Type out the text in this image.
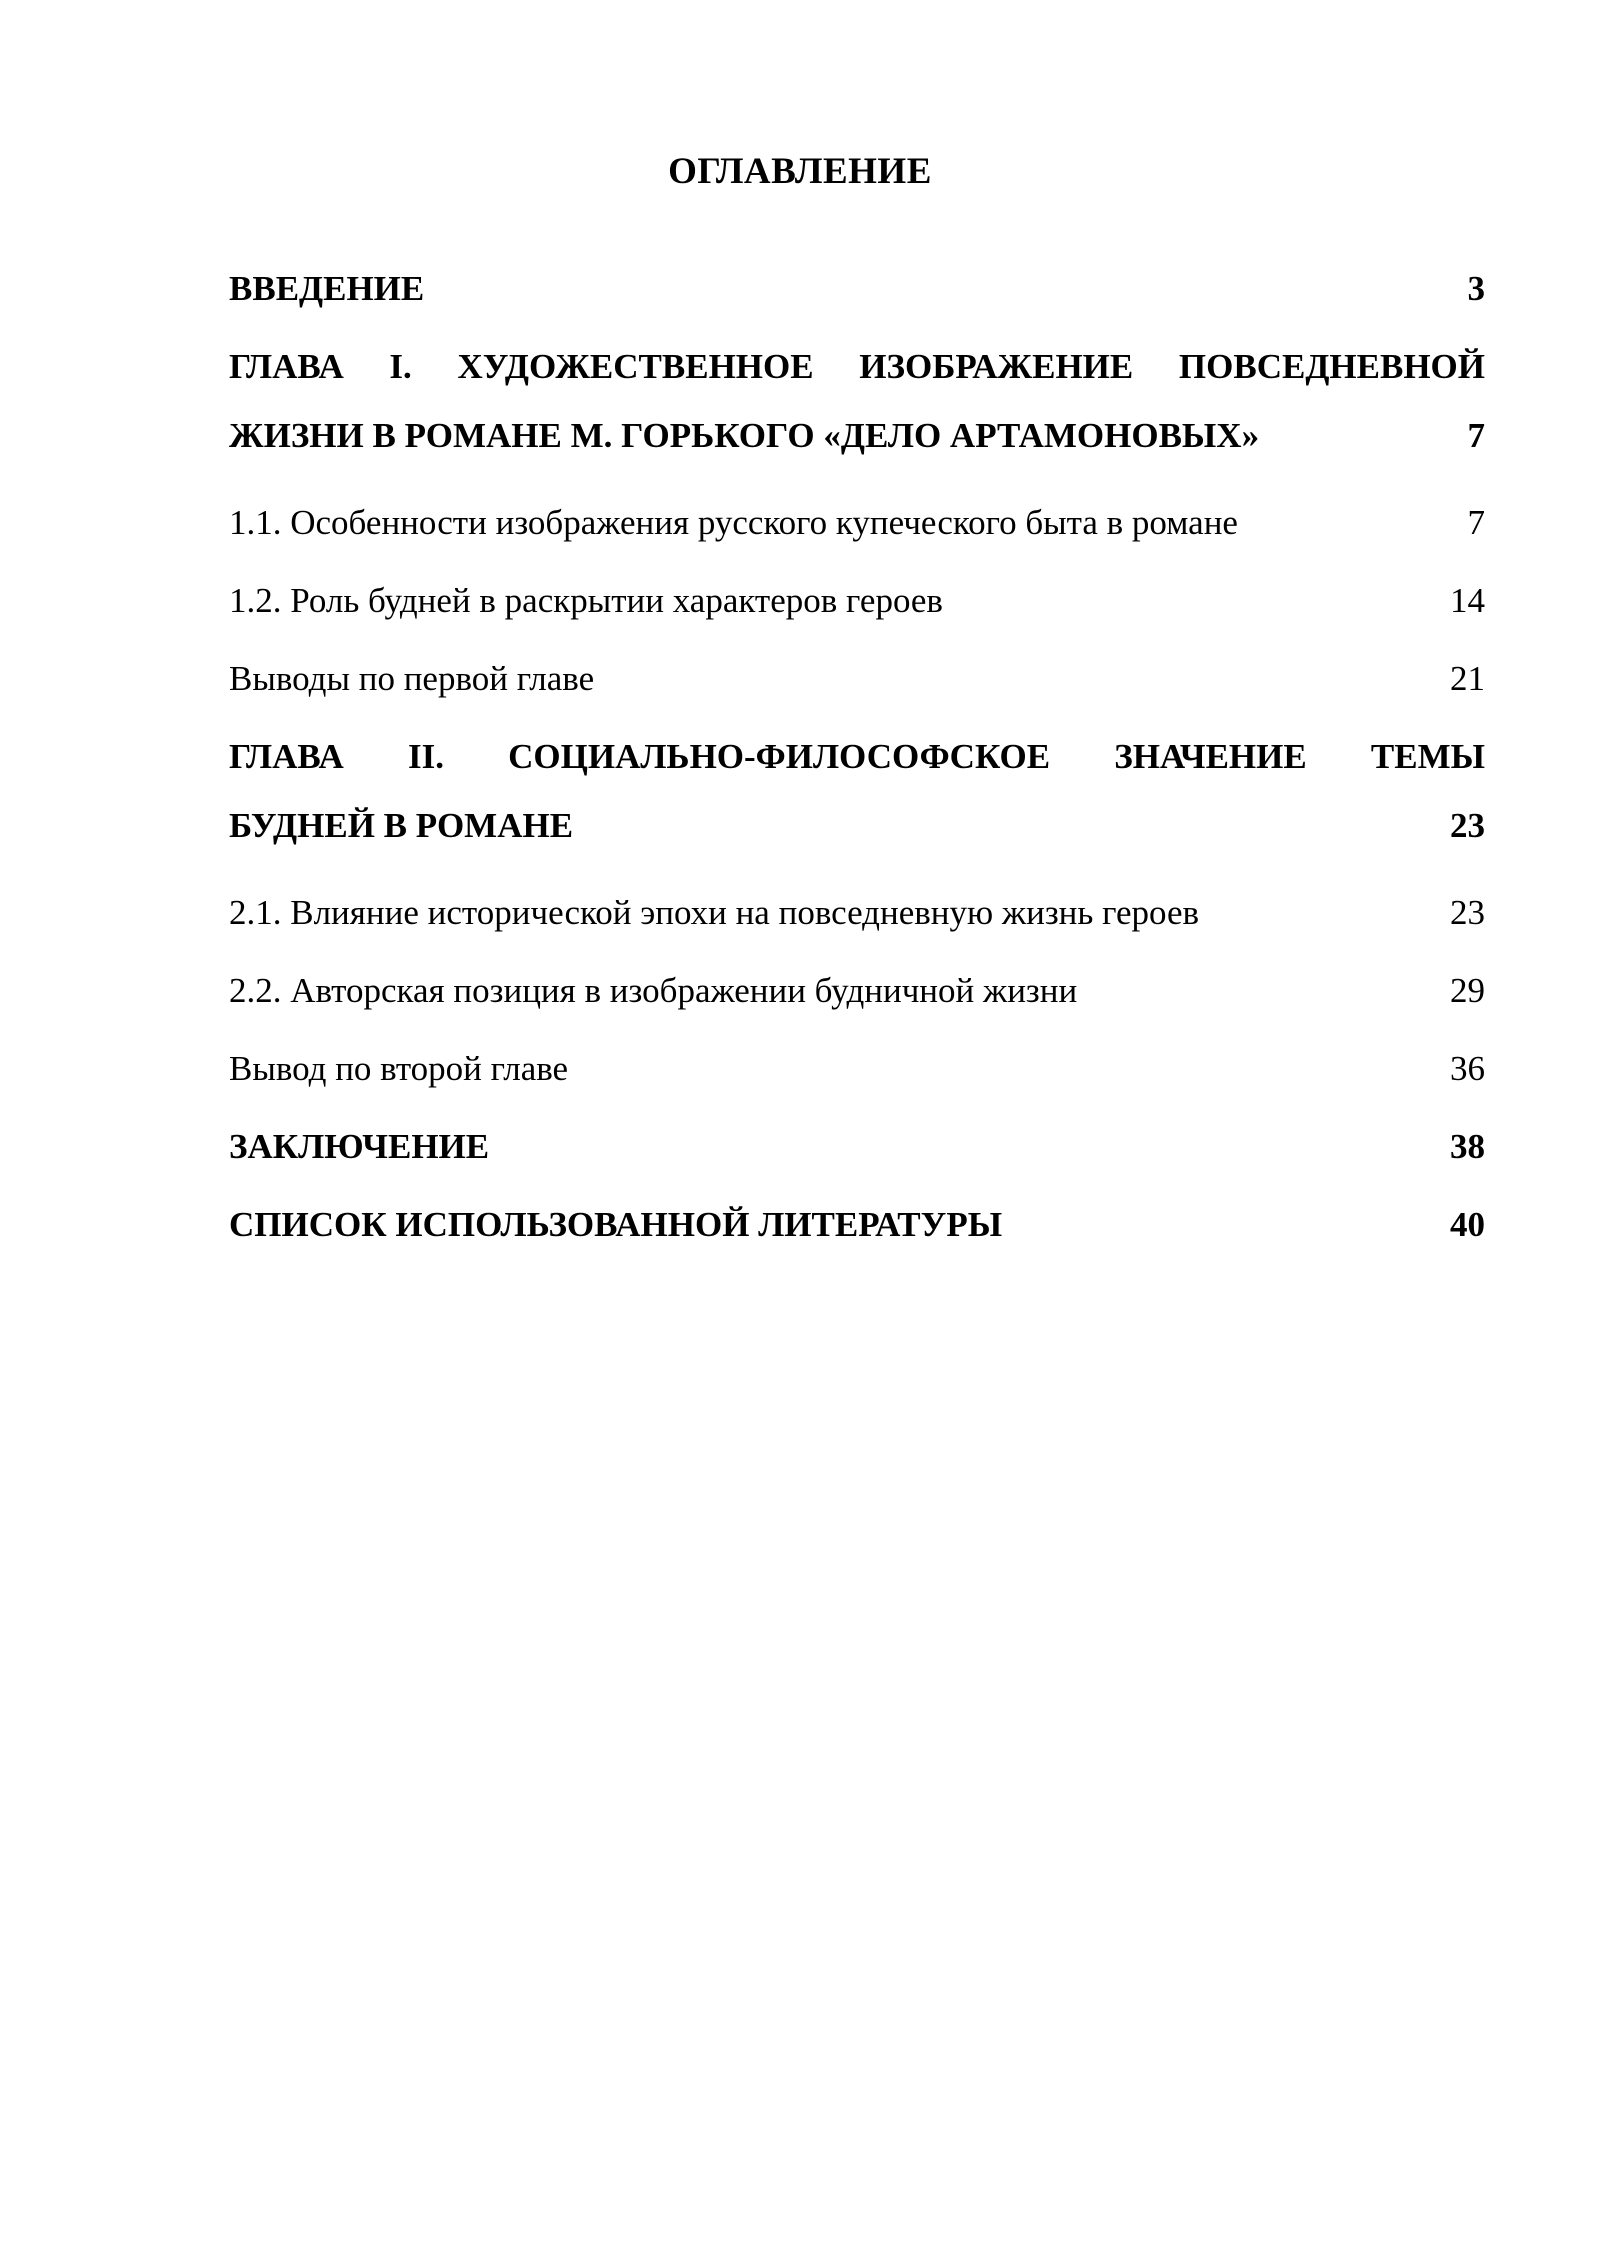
ОГЛАВЛЕНИЕ
ВВЕДЕНИЕ	3
ГЛАВА I. ХУДОЖЕСТВЕННОЕ ИЗОБРАЖЕНИЕ ПОВСЕДНЕВНОЙ
ЖИЗНИ В РОМАНЕ М. ГОРЬКОГО «ДЕЛО АРТАМОНОВЫХ»	7
1.1. Особенности изображения русского купеческого быта в романе	7
1.2. Роль будней в раскрытии характеров героев	14
Выводы по первой главе	21
ГЛАВА II. СОЦИАЛЬНО-ФИЛОСОФСКОЕ ЗНАЧЕНИЕ ТЕМЫ
БУДНЕЙ В РОМАНЕ	23
2.1. Влияние исторической эпохи на повседневную жизнь героев	23
2.2. Авторская позиция в изображении будничной жизни	29
Вывод по второй главе	36
ЗАКЛЮЧЕНИЕ	38
СПИСОК ИСПОЛЬЗОВАННОЙ ЛИТЕРАТУРЫ	40
